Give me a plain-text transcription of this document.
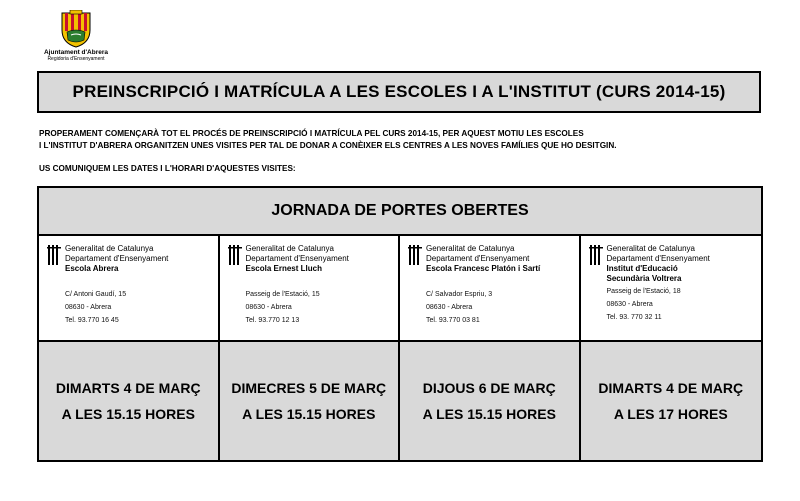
Ajuntament d'Abrera
Regidoria d'Ensenyament
PREINSCRIPCIÓ I MATRÍCULA A LES ESCOLES I A L'INSTITUT (CURS 2014-15)
PROPERAMENT COMENÇARÀ TOT EL PROCÉS DE PREINSCRIPCIÓ I MATRÍCULA PEL CURS 2014-15, PER AQUEST MOTIU LES ESCOLES
I L'INSTITUT D'ABRERA ORGANITZEN UNES VISITES PER TAL DE DONAR A CONÈIXER ELS CENTRES A LES NOVES FAMÍLIES QUE HO DESITGIN.
US COMUNIQUEM LES DATES I L'HORARI D'AQUESTES VISITES:
JORNADA DE PORTES OBERTES
Generalitat de Catalunya
Departament d'Ensenyament
Escola Abrera
C/ Antoni Gaudí, 15
08630 - Abrera
Tel. 93.770 16 45
Generalitat de Catalunya
Departament d'Ensenyament
Escola Ernest Lluch
Passeig de l'Estació, 15
08630 - Abrera
Tel. 93.770 12 13
Generalitat de Catalunya
Departament d'Ensenyament
Escola Francesc Platón i Sartí
C/ Salvador Espriu, 3
08630 - Abrera
Tel. 93.770 03 81
Generalitat de Catalunya
Departament d'Ensenyament
Institut d'Educació
Secundària Voltrera
Passeig de l'Estació, 18
08630 - Abrera
Tel. 93. 770 32 11
DIMARTS 4 DE MARÇ
A LES 15.15 HORES
DIMECRES 5 DE MARÇ
A LES 15.15 HORES
DIJOUS 6 DE MARÇ
A LES 15.15 HORES
DIMARTS 4 DE MARÇ
A LES 17 HORES
